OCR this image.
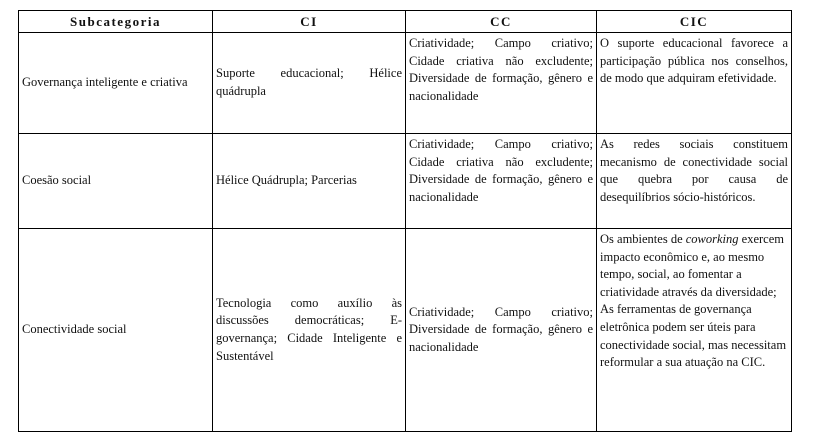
Subcategoria	CI	CC	CIC
Governança inteligente e criativa	Suporte educacional; Hélice quádrupla	Criatividade; Campo criativo; Cidade criativa não excludente; Diversidade de formação, gênero e nacionalidade	O suporte educacional favorece a participação pública nos conselhos, de modo que adquiram efetividade.
Coesão social	Hélice Quádrupla; Parcerias	Criatividade; Campo criativo; Cidade criativa não excludente; Diversidade de formação, gênero e nacionalidade	As redes sociais constituem mecanismo de conectividade social que quebra por causa de desequilíbrios sócio-históricos.
Conectividade social	Tecnologia como auxílio às discussões democráticas; E-governança; Cidade Inteligente e Sustentável	Criatividade; Campo criativo; Diversidade de formação, gênero e nacionalidade	Os ambientes de coworking exercem impacto econômico e, ao mesmo tempo, social, ao fomentar a criatividade através da diversidade; As ferramentas de governança eletrônica podem ser úteis para conectividade social, mas necessitam reformular a sua atuação na CIC.
